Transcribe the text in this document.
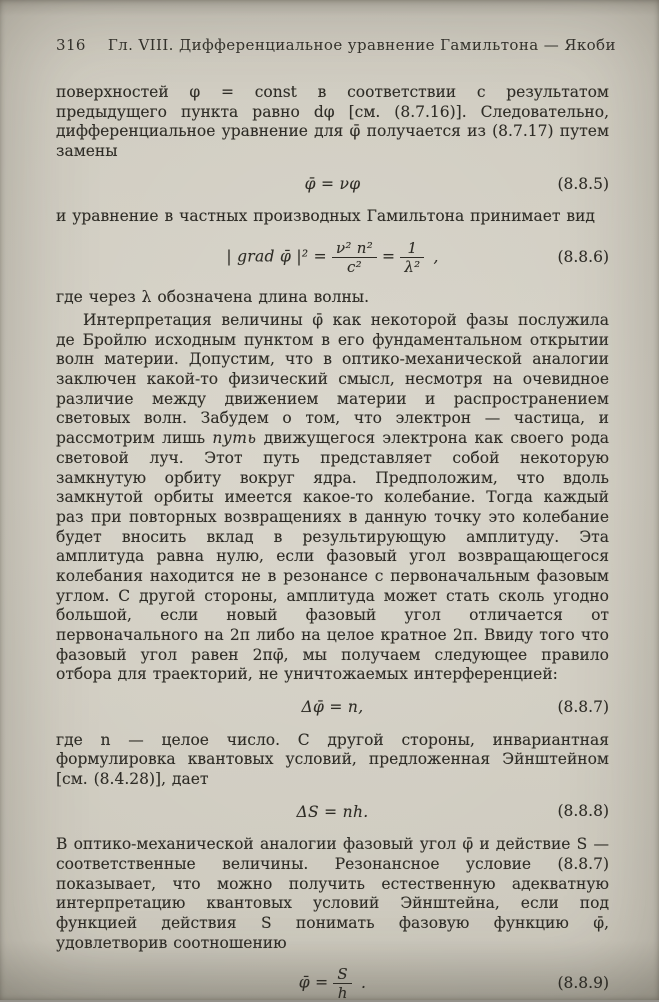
316 Гл. VIII. Дифференциальное уравнение Гамильтона — Якоби

поверхностей φ = const в соответствии с результатом предыдущего пункта равно dφ [см. (8.7.16)]. Следовательно, дифференциальное уравнение для φ̄ получается из (8.7.17) путем замены

φ̄ = νφ	(8.8.5)

и уравнение в частных производных Гамильтона принимает вид

| grad φ̄ $|^2 = \frac{\text{ν² n²}}{\text{c²}} = \frac{1}{\text{λ²}}$ ,	(8.8.6)

где через λ обозначена длина волны.

Интерпретация величины φ̄ как некоторой фазы послужила де Бройлю исходным пунктом в его фундаментальном открытии волн материи. Допустим, что в оптико-механической аналогии заключен какой-то физический смысл, несмотря на очевидное различие между движением материи и распространением световых волн. Забудем о том, что электрон — частица, и рассмотрим лишь путь движущегося электрона как своего рода световой луч. Этот путь представляет собой некоторую замкнутую орбиту вокруг ядра. Предположим, что вдоль замкнутой орбиты имеется какое-то колебание. Тогда каждый раз при повторных возвращениях в данную точку это колебание будет вносить вклад в результирующую амплитуду. Эта амплитуда равна нулю, если фазовый угол возвращающегося колебания находится не в резонансе с первоначальным фазовым углом. С другой стороны, амплитуда может стать сколь угодно большой, если новый фазовый угол отличается от первоначального на 2π либо на целое кратное 2π. Ввиду того что фазовый угол равен 2πφ̄, мы получаем следующее правило отбора для траекторий, не уничтожаемых интерференцией:

Δφ̄ = n,	(8.8.7)

где n — целое число. С другой стороны, инвариантная формулировка квантовых условий, предложенная Эйнштейном [см. (8.4.28)], дает

ΔS = nh.	(8.8.8)

В оптико-механической аналогии фазовый угол φ̄ и действие S — соответственные величины. Резонансное условие (8.8.7) показывает, что можно получить естественную адекватную интерпретацию квантовых условий Эйнштейна, если под функцией действия S понимать фазовую функцию φ̄, удовлетворив соотношению

φ̄ = $\frac{S}{h}$ .	(8.8.9)
